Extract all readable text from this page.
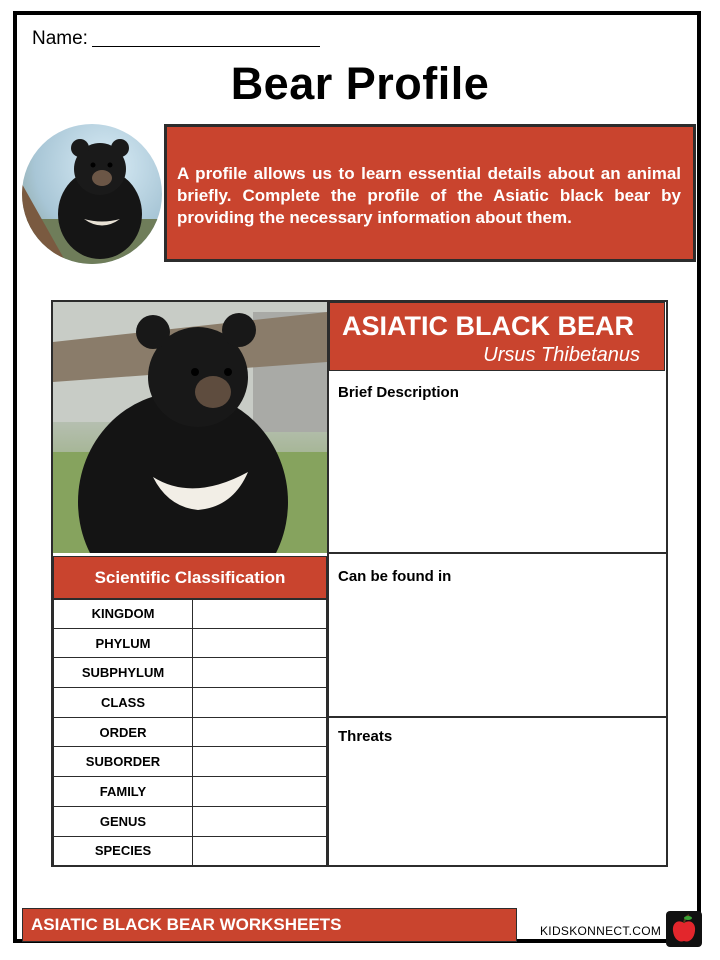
Name:
Bear Profile
A profile allows us to learn essential details about an animal briefly. Complete the profile of the Asiatic black bear by providing the necessary information about them.
ASIATIC BLACK BEAR
Ursus Thibetanus
Brief Description
Can be found in
Threats
Scientific Classification
KINGDOM
PHYLUM
SUBPHYLUM
CLASS
ORDER
SUBORDER
FAMILY
GENUS
SPECIES
ASIATIC BLACK BEAR WORKSHEETS	KIDSKONNECT.COM
